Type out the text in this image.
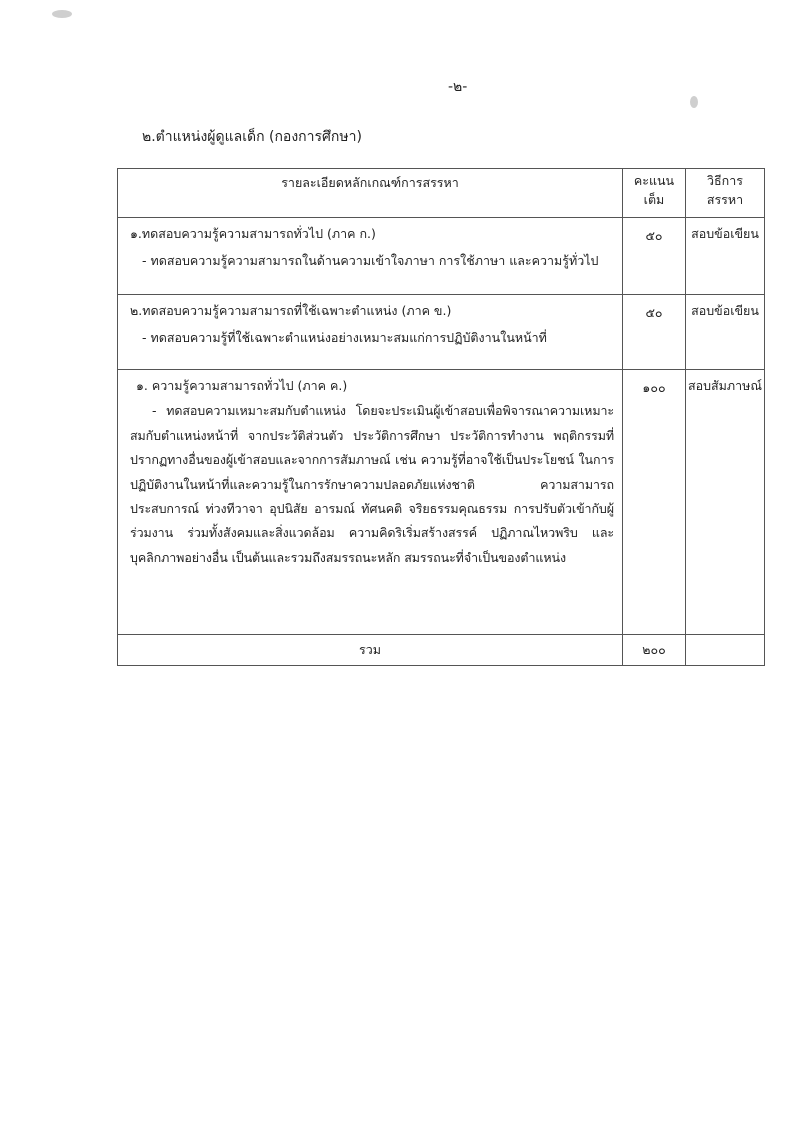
-๒-
๒.ตำแหน่งผู้ดูแลเด็ก (กองการศึกษา)
รายละเอียดหลักเกณฑ์การสรรหา	คะแนนเต็ม	วิธีการสรรหา

๑.ทดสอบความรู้ความสามารถทั่วไป (ภาค ก.)
- ทดสอบความรู้ความสามารถในด้านความเข้าใจภาษา การใช้ภาษา และความรู้ทั่วไป	๕๐	สอบข้อเขียน

๒.ทดสอบความรู้ความสามารถที่ใช้เฉพาะตำแหน่ง (ภาค ข.)
- ทดสอบความรู้ที่ใช้เฉพาะตำแหน่งอย่างเหมาะสมแก่การปฏิบัติงานในหน้าที่	๕๐	สอบข้อเขียน

๑. ความรู้ความสามารถทั่วไป (ภาค ค.)
- ทดสอบความเหมาะสมกับตำแหน่ง โดยจะประเมินผู้เข้าสอบเพื่อพิจารณาความเหมาะสมกับตำแหน่งหน้าที่ จากประวัติส่วนตัว ประวัติการศึกษา ประวัติการทำงาน พฤติกรรมที่ปรากฏทางอื่นของผู้เข้าสอบและจากการสัมภาษณ์ เช่น ความรู้ที่อาจใช้เป็นประโยชน์ ในการปฏิบัติงานในหน้าที่และความรู้ในการรักษาความปลอดภัยแห่งชาติ ความสามารถ ประสบการณ์ ท่วงทีวาจา อุปนิสัย อารมณ์ ทัศนคติ จริยธรรมคุณธรรม การปรับตัวเข้ากับผู้ร่วมงาน ร่วมทั้งสังคมและสิ่งแวดล้อม ความคิดริเริ่มสร้างสรรค์ ปฏิภาณไหวพริบ และบุคลิกภาพอย่างอื่น เป็นต้นและรวมถึงสมรรถนะหลัก สมรรถนะที่จำเป็นของตำแหน่ง	๑๐๐	สอบสัมภาษณ์
รวม	๒๐๐	
